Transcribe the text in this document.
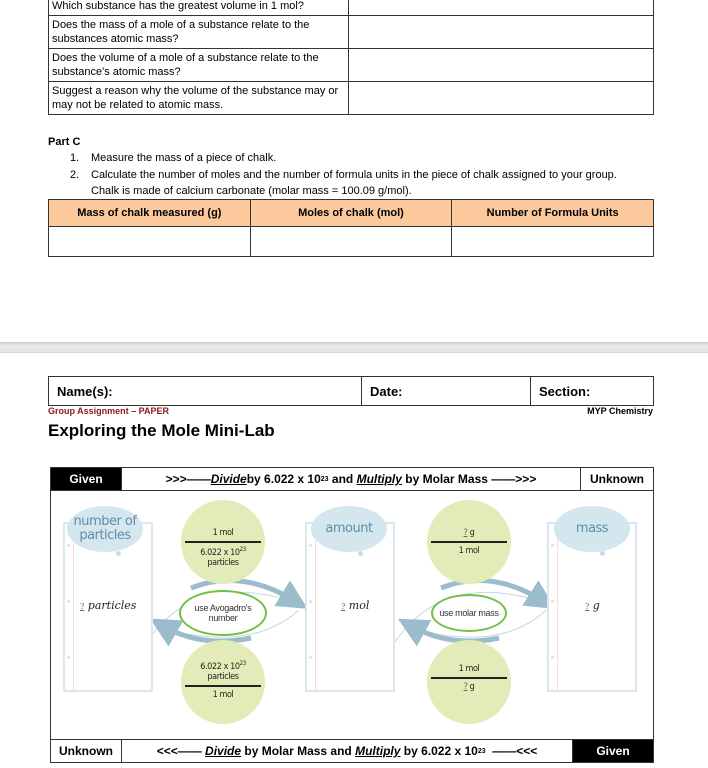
Which substance has the greatest volume in 1 mol?	
Does the mass of a mole of a substance relate to the substances atomic mass?	
Does the volume of a mole of a substance relate to the substance's atomic mass?	
Suggest a reason why the volume of the substance may or may not be related to atomic mass.	
Part C
1. Measure the mass of a piece of chalk.
2. Calculate the number of moles and the number of formula units in the piece of chalk assigned to your group.
Chalk is made of calcium carbonate (molar mass = 100.09 g/mol).
Mass of chalk measured (g)	Moles of chalk (mol)	Number of Formula Units

Name(s):	Date:	Section:
Group Assignment – PAPER	MYP Chemistry
Exploring the Mole Mini-Lab
Given	>>>—— Divide by 6.022 x 10 23 and Multiply by Molar Mass ——>>>	Unknown
? particles
number of particles
? mol
amount
? g
mass
1 mol
6.022 x $10^{23}$ particles
6.022 x $10^{23}$ particles
1 mol
use Avogadro's number
? g
1 mol
1 mol
? g
use molar mass
Unknown	<<<—— Divide by Molar Mass and Multiply by 6.022 x 10 23 ——<<<	Given
